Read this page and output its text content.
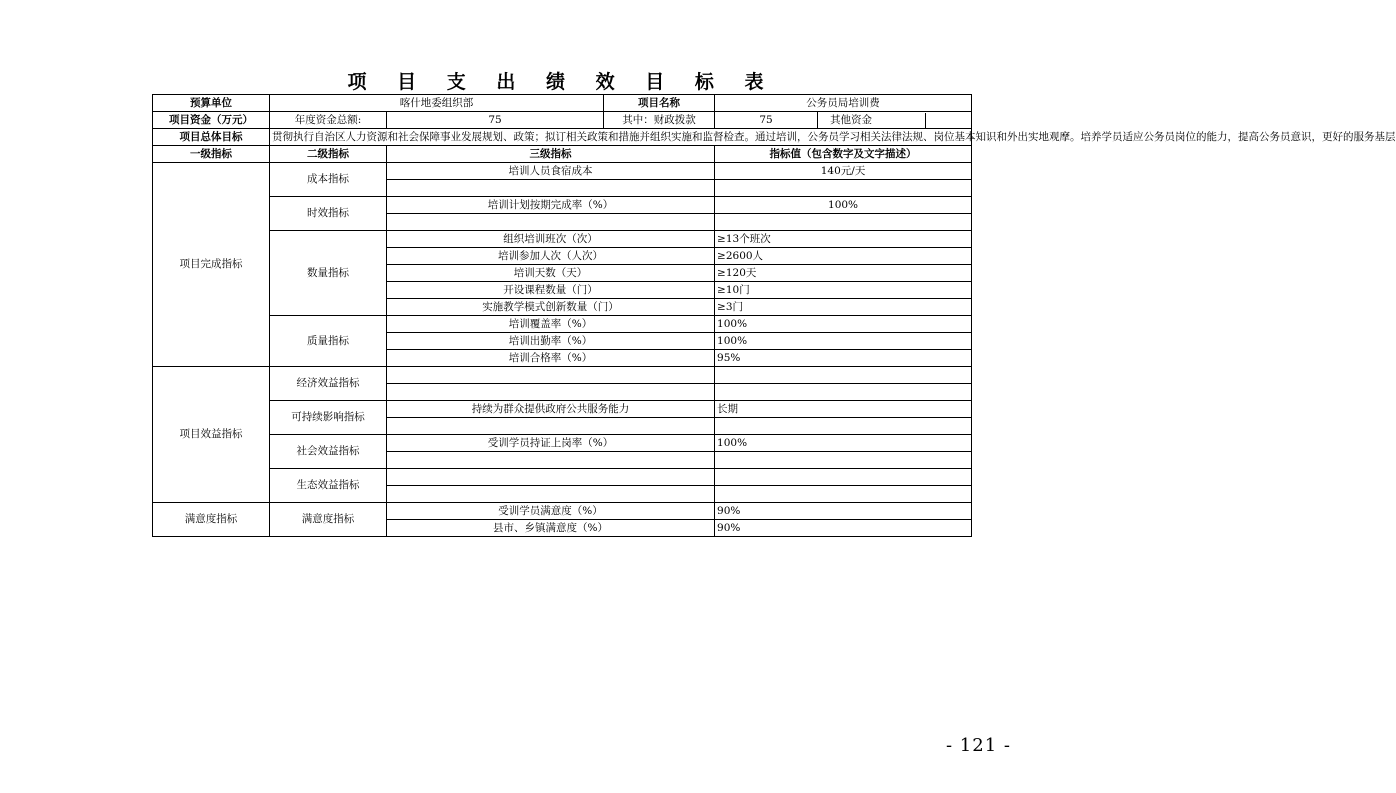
项 目 支 出 绩 效 目 标 表
预算单位	喀什地委组织部		项目名称	公务员局培训费	
项目资金（万元）	年度资金总额:	75	其中：财政拨款	75	其他资金
项目总体目标	贯彻执行自治区人力资源和社会保障事业发展规划、政策；拟订相关政策和措施并组织实施和监督检查。通过培训，公务员学习相关法律法规、岗位基本知识和外出实地观摩。培养学员适应公务员岗位的能力，提高公务员意识，更好的服务基层				
一级指标	二级指标	三级指标		指标值（包含数字及文字描述）	
项目完成指标	成本指标	培训人员食宿成本		140元/天	

	时效指标	培训计划按期完成率（%）		100%	

	数量指标	组织培训班次（次）		≥13个班次	
		培训参加人次（人次）		≥2600人	
		培训天数（天）		≥120天	
		开设课程数量（门）		≥10门	
		实施教学模式创新数量（门）		≥3门	
	质量指标	培训覆盖率（%）		100%	
		培训出勤率（%）		100%	
		培训合格率（%）		95%	
项目效益指标	经济效益指标				

	可持续影响指标	持续为群众提供政府公共服务能力		长期	

	社会效益指标	受训学员持证上岗率（%）		100%	

	生态效益指标				

满意度指标	满意度指标	受训学员满意度（%）		90%	
		县市、乡镇满意度（%）		90%	
- 121 -
